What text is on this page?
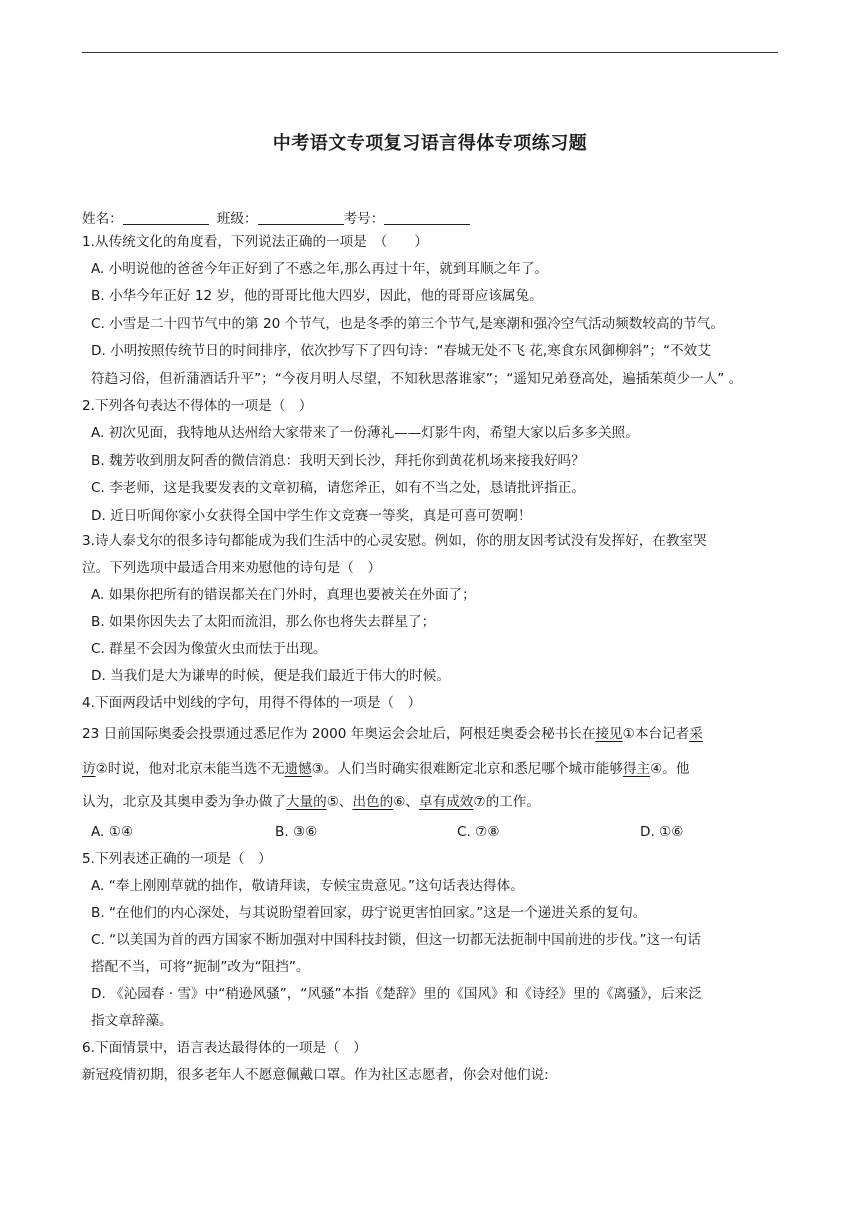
中考语文专项复习语言得体专项练习题
姓名：	班级：	考号：
1.从传统文化的角度看，下列说法正确的一项是　（　　）
A. 小明说他的爸爸今年正好到了不惑之年,那么再过十年，就到耳顺之年了。
B. 小华今年正好 12 岁，他的哥哥比他大四岁，因此，他的哥哥应该属兔。
C. 小雪是二十四节气中的第 20 个节气，也是冬季的第三个节气,是寒潮和强冷空气活动频数较高的节气。
D. 小明按照传统节日的时间排序，依次抄写下了四句诗：“春城无处不飞 花,寒食东风御柳斜”；“不效艾
符趋习俗，但祈蒲酒话升平”；“今夜月明人尽望，不知秋思落谁家”；“遥知兄弟登高处，遍插茱萸少一人” 。
2.下列各句表达不得体的一项是（　）
A. 初次见面，我特地从达州给大家带来了一份薄礼——灯影牛肉，希望大家以后多多关照。
B. 魏芳收到朋友阿香的微信消息：我明天到长沙，拜托你到黄花机场来接我好吗？
C. 李老师，这是我要发表的文章初稿，请您斧正，如有不当之处，恳请批评指正。
D. 近日听闻你家小女获得全国中学生作文竞赛一等奖，真是可喜可贺啊！
3.诗人泰戈尔的很多诗句都能成为我们生活中的心灵安慰。例如，你的朋友因考试没有发挥好，在教室哭
泣。下列选项中最适合用来劝慰他的诗句是（　）
A. 如果你把所有的错误都关在门外时，真理也要被关在外面了；
B. 如果你因失去了太阳而流泪，那么你也将失去群星了；
C. 群星不会因为像萤火虫而怯于出现。
D. 当我们是大为谦卑的时候，便是我们最近于伟大的时候。
4.下面两段话中划线的字句，用得不得体的一项是（　）
23 日前国际奥委会投票通过悉尼作为 2000 年奥运会会址后，阿根廷奥委会秘书长在接见①本台记者采
访②时说，他对北京未能当选不无遗憾③。人们当时确实很难断定北京和悉尼哪个城市能够得主④。他
认为，北京及其奥申委为争办做了大量的⑤、出色的⑥、卓有成效⑦的工作。
A. ①④	B. ③⑥	C. ⑦⑧	D. ①⑥
5.下列表述正确的一项是（　）
A. “奉上刚刚草就的拙作，敬请拜读，专候宝贵意见。”这句话表达得体。
B. “在他们的内心深处，与其说盼望着回家，毋宁说更害怕回家。”这是一个递进关系的复句。
C. “以美国为首的西方国家不断加强对中国科技封锁，但这一切都无法扼制中国前进的步伐。”这一句话
搭配不当，可将“扼制”改为“阻挡”。
D. 《沁园春 · 雪》中“稍逊风骚”，“风骚”本指《楚辞》里的《国风》和《诗经》里的《离骚》，后来泛
指文章辞藻。
6.下面情景中，语言表达最得体的一项是（　）
新冠疫情初期，很多老年人不愿意佩戴口罩。作为社区志愿者，你会对他们说:
